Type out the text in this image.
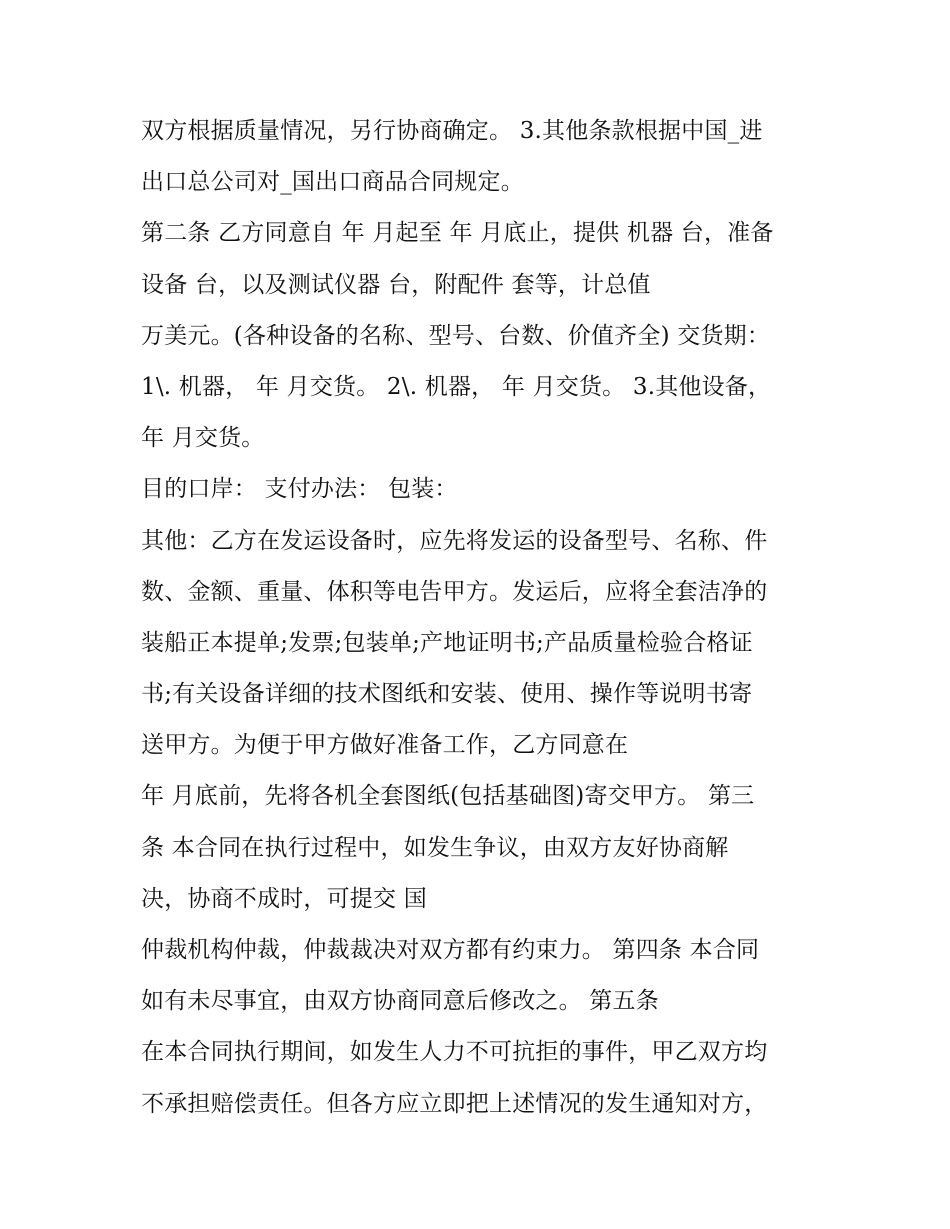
双方根据质量情况，另行协商确定。 3.其他条款根据中国_进
出口总公司对_国出口商品合同规定。
第二条 乙方同意自 年 月起至 年 月底止，提供 机器 台，准备
设备 台，以及测试仪器 台，附配件 套等，计总值
万美元。(各种设备的名称、型号、台数、价值齐全) 交货期：
1\. 机器， 年 月交货。 2\. 机器， 年 月交货。 3.其他设备，
年 月交货。
目的口岸： 支付办法： 包装：
其他：乙方在发运设备时，应先将发运的设备型号、名称、件
数、金额、重量、体积等电告甲方。发运后，应将全套洁净的
装船正本提单;发票;包装单;产地证明书;产品质量检验合格证
书;有关设备详细的技术图纸和安装、使用、操作等说明书寄
送甲方。为便于甲方做好准备工作，乙方同意在
年 月底前，先将各机全套图纸(包括基础图)寄交甲方。 第三
条 本合同在执行过程中，如发生争议，由双方友好协商解
决，协商不成时，可提交 国
仲裁机构仲裁，仲裁裁决对双方都有约束力。 第四条 本合同
如有未尽事宜，由双方协商同意后修改之。 第五条
在本合同执行期间，如发生人力不可抗拒的事件，甲乙双方均
不承担赔偿责任。但各方应立即把上述情况的发生通知对方，
